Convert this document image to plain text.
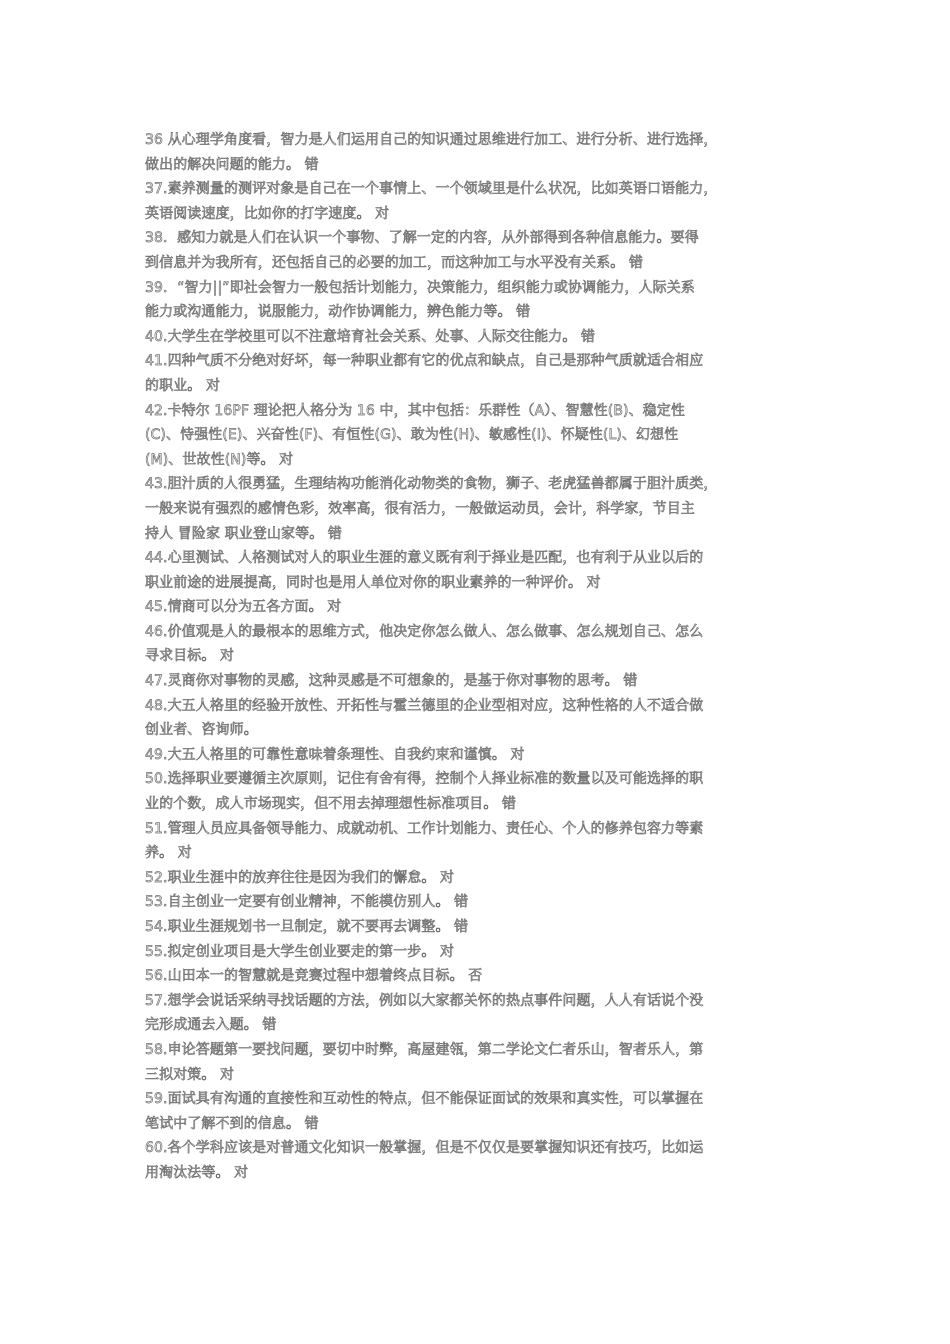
36 从心理学角度看，智力是人们运用自己的知识通过思维进行加工、进行分析、进行选择，
做出的解决问题的能力。 错

37.素养测量的测评对象是自己在一个事情上、一个领域里是什么状况，比如英语口语能力，
英语阅读速度，比如你的打字速度。 对

38．感知力就是人们在认识一个事物、了解一定的内容，从外部得到各种信息能力。要得
到信息并为我所有，还包括自己的必要的加工，而这种加工与水平没有关系。 错

39．“智力||”即社会智力一般包括计划能力，决策能力，组织能力或协调能力，人际关系
能力或沟通能力，说服能力，动作协调能力，辨色能力等。 错

40.大学生在学校里可以不注意培育社会关系、处事、人际交往能力。 错

41.四种气质不分绝对好坏，每一种职业都有它的优点和缺点，自己是那种气质就适合相应
的职业。 对

42.卡特尔 16PF 理论把人格分为 16 中，其中包括：乐群性（A）、智慧性(B)、稳定性
(C)、恃强性(E)、兴奋性(F)、有恒性(G)、敢为性(H)、敏感性(I)、怀疑性(L)、幻想性
(M)、世故性(N)等。 对

43.胆汁质的人很勇猛，生理结构功能消化动物类的食物，狮子、老虎猛兽都属于胆汁质类，
一般来说有强烈的感情色彩，效率高，很有活力，一般做运动员，会计，科学家，节目主
持人 冒险家 职业登山家等。 错

44.心里测试、人格测试对人的职业生涯的意义既有利于择业是匹配，也有利于从业以后的
职业前途的进展提高，同时也是用人单位对你的职业素养的一种评价。 对

45.情商可以分为五各方面。 对

46.价值观是人的最根本的思维方式，他决定你怎么做人、怎么做事、怎么规划自己、怎么
寻求目标。 对

47.灵商你对事物的灵感，这种灵感是不可想象的，是基于你对事物的思考。 错

48.大五人格里的经验开放性、开拓性与霍兰德里的企业型相对应，这种性格的人不适合做
创业者、咨询师。

49.大五人格里的可靠性意味着条理性、自我约束和谨慎。 对

50.选择职业要遵循主次原则，记住有舍有得，控制个人择业标准的数量以及可能选择的职
业的个数，成人市场现实，但不用去掉理想性标准项目。 错

51.管理人员应具备领导能力、成就动机、工作计划能力、责任心、个人的修养包容力等素
养。 对

52.职业生涯中的放弃往往是因为我们的懈怠。 对

53.自主创业一定要有创业精神，不能模仿别人。 错

54.职业生涯规划书一旦制定，就不要再去调整。 错

55.拟定创业项目是大学生创业要走的第一步。 对

56.山田本一的智慧就是竞赛过程中想着终点目标。 否

57.想学会说话采纳寻找话题的方法，例如以大家都关怀的热点事件问题，人人有话说个没
完形成通去入题。 错

58.申论答题第一要找问题，要切中时弊，高屋建瓴，第二学论文仁者乐山，智者乐人，第
三拟对策。 对

59.面试具有沟通的直接性和互动性的特点，但不能保证面试的效果和真实性，可以掌握在
笔试中了解不到的信息。 错

60.各个学科应该是对普通文化知识一般掌握，但是不仅仅是要掌握知识还有技巧，比如运
用淘汰法等。 对
